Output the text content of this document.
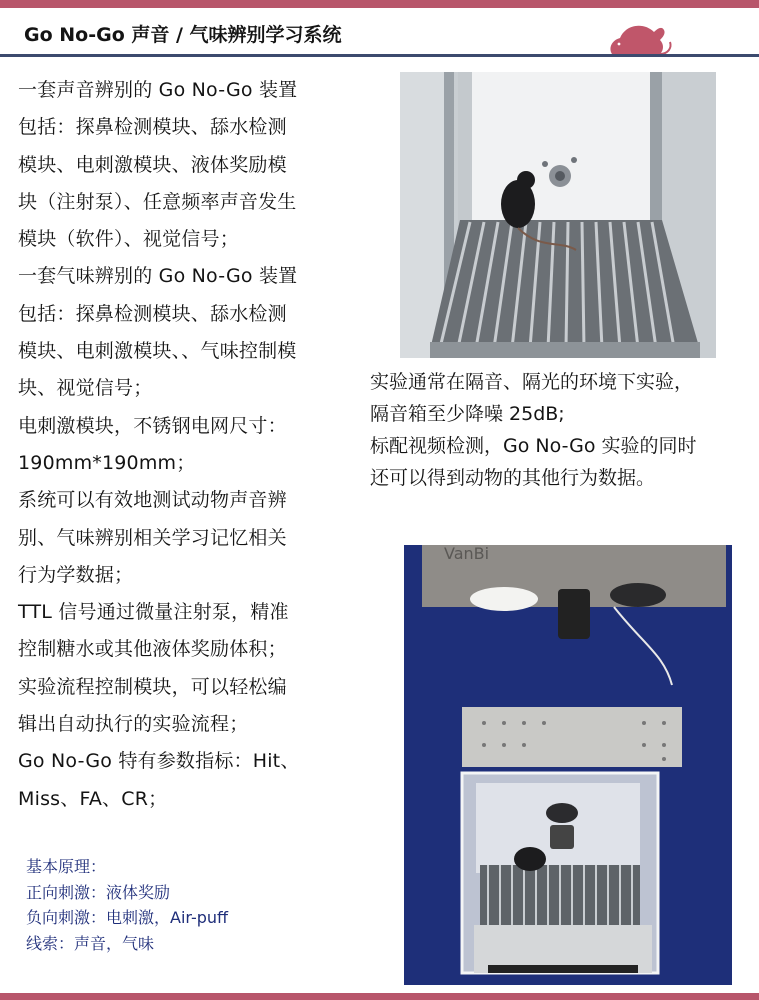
Go No-Go 声音 / 气味辨别学习系统

一套声音辨别的 Go No-Go 装置

包括：探鼻检测模块、舔水检测

模块、电刺激模块、液体奖励模

块（注射泵）、任意频率声音发生

模块（软件）、视觉信号；

一套气味辨别的 Go No-Go 装置

包括：探鼻检测模块、舔水检测

模块、电刺激模块、、气味控制模

块、视觉信号；

电刺激模块，不锈钢电网尺寸：

190mm*190mm；

系统可以有效地测试动物声音辨

别、气味辨别相关学习记忆相关

行为学数据；

TTL 信号通过微量注射泵，精准

控制糖水或其他液体奖励体积；

实验流程控制模块，可以轻松编

辑出自动执行的实验流程；

Go No-Go 特有参数指标：Hit、

Miss、FA、CR；

基本原理：

正向刺激：液体奖励

负向刺激：电刺激，Air-puff

线索：声音，气味

实验通常在隔音、隔光的环境下实验，

隔音箱至少降噪 25dB;

标配视频检测，Go No-Go 实验的同时

还可以得到动物的其他行为数据。

VanBi
